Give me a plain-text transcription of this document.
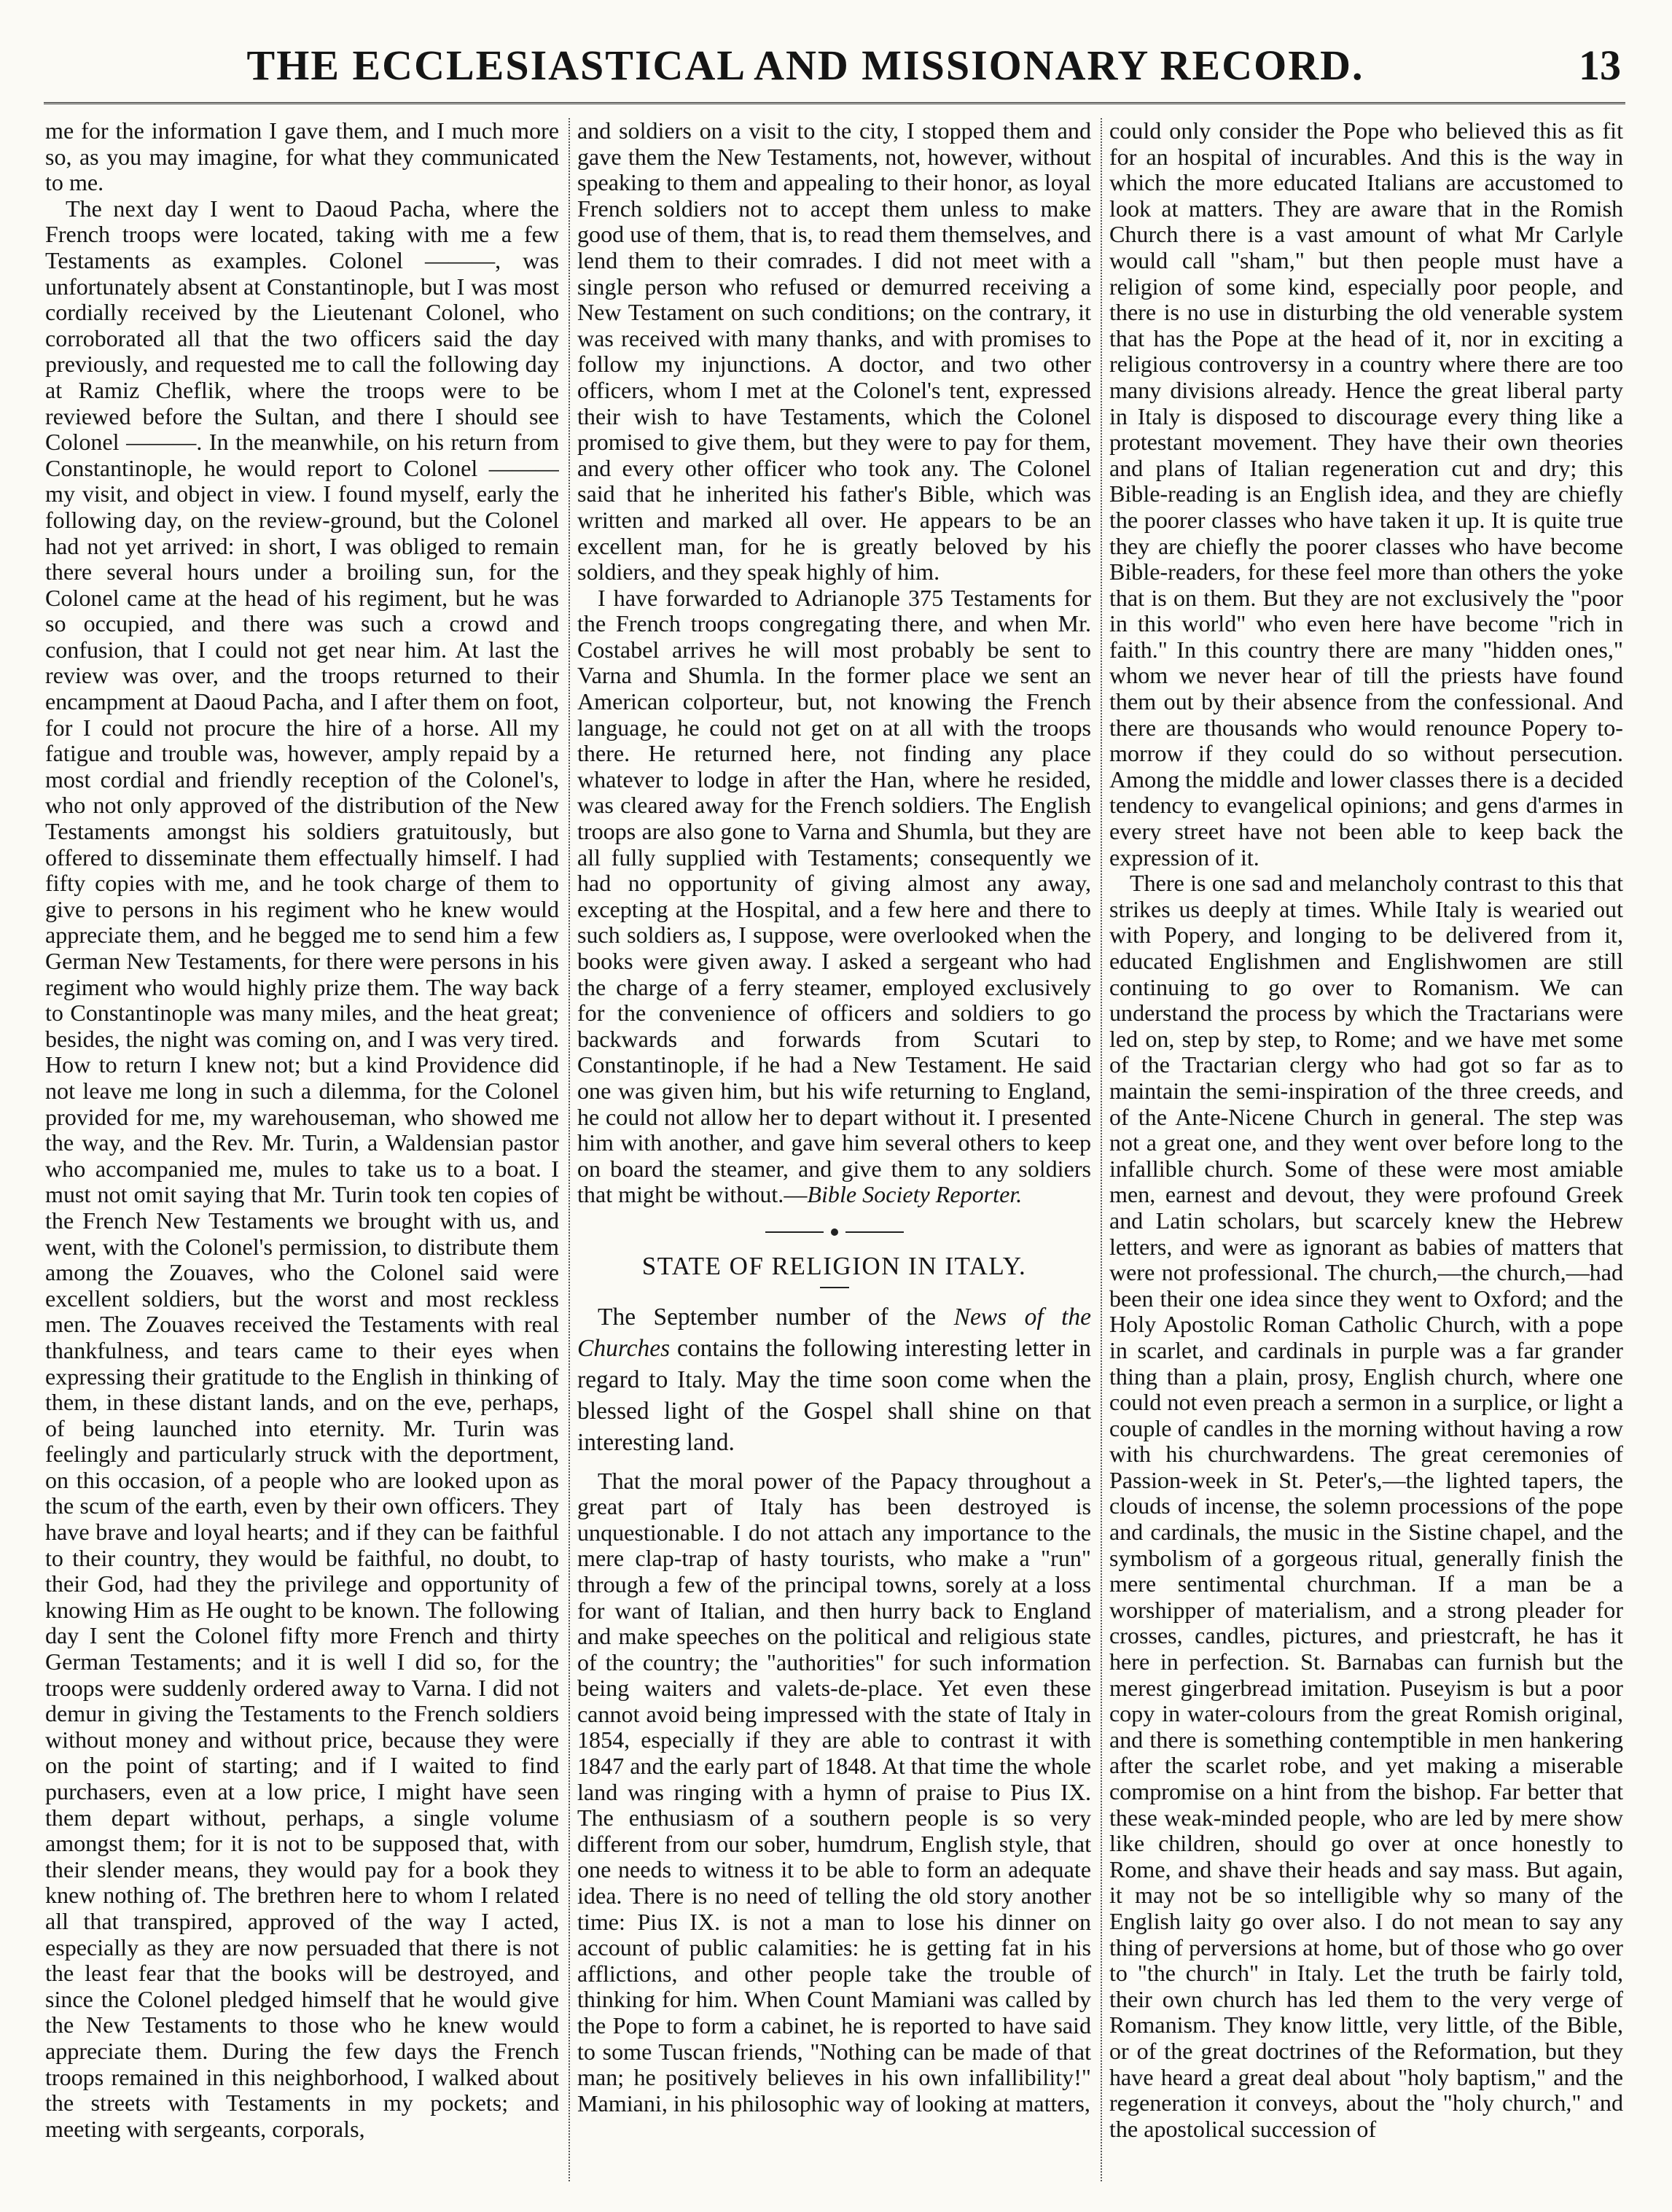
THE ECCLESIASTICAL AND MISSIONARY RECORD.	13

me for the information I gave them, and I much more so, as you may imagine, for what they communicated to me.

The next day I went to Daoud Pacha, where the French troops were located, taking with me a few Testaments as examples. Colonel ———, was unfortunately absent at Constantinople, but I was most cordially received by the Lieutenant Colonel, who corroborated all that the two officers said the day previously, and requested me to call the following day at Ramiz Cheflik, where the troops were to be reviewed before the Sultan, and there I should see Colonel ———. In the meanwhile, on his return from Constantinople, he would report to Colonel ——— my visit, and object in view. I found myself, early the following day, on the review-ground, but the Colonel had not yet arrived: in short, I was obliged to remain there several hours under a broiling sun, for the Colonel came at the head of his regiment, but he was so occupied, and there was such a crowd and confusion, that I could not get near him. At last the review was over, and the troops returned to their encampment at Daoud Pacha, and I after them on foot, for I could not procure the hire of a horse. All my fatigue and trouble was, however, amply repaid by a most cordial and friendly reception of the Colonel's, who not only approved of the distribution of the New Testaments amongst his soldiers gratuitously, but offered to disseminate them effectually himself. I had fifty copies with me, and he took charge of them to give to persons in his regiment who he knew would appreciate them, and he begged me to send him a few German New Testaments, for there were persons in his regiment who would highly prize them. The way back to Constantinople was many miles, and the heat great; besides, the night was coming on, and I was very tired. How to return I knew not; but a kind Providence did not leave me long in such a dilemma, for the Colonel provided for me, my warehouseman, who showed me the way, and the Rev. Mr. Turin, a Waldensian pastor who accompanied me, mules to take us to a boat. I must not omit saying that Mr. Turin took ten copies of the French New Testaments we brought with us, and went, with the Colonel's permission, to distribute them among the Zouaves, who the Colonel said were excellent soldiers, but the worst and most reckless men. The Zouaves received the Testaments with real thankfulness, and tears came to their eyes when expressing their gratitude to the English in thinking of them, in these distant lands, and on the eve, perhaps, of being launched into eternity. Mr. Turin was feelingly and particularly struck with the deportment, on this occasion, of a people who are looked upon as the scum of the earth, even by their own officers. They have brave and loyal hearts; and if they can be faithful to their country, they would be faithful, no doubt, to their God, had they the privilege and opportunity of knowing Him as He ought to be known. The following day I sent the Colonel fifty more French and thirty German Testaments; and it is well I did so, for the troops were suddenly ordered away to Varna. I did not demur in giving the Testaments to the French soldiers without money and without price, because they were on the point of starting; and if I waited to find purchasers, even at a low price, I might have seen them depart without, perhaps, a single volume amongst them; for it is not to be supposed that, with their slender means, they would pay for a book they knew nothing of. The brethren here to whom I related all that transpired, approved of the way I acted, especially as they are now persuaded that there is not the least fear that the books will be destroyed, and since the Colonel pledged himself that he would give the New Testaments to those who he knew would appreciate them. During the few days the French troops remained in this neighborhood, I walked about the streets with Testaments in my pockets; and meeting with sergeants, corporals,

and soldiers on a visit to the city, I stopped them and gave them the New Testaments, not, however, without speaking to them and appealing to their honor, as loyal French soldiers not to accept them unless to make good use of them, that is, to read them themselves, and lend them to their comrades. I did not meet with a single person who refused or demurred receiving a New Testament on such conditions; on the contrary, it was received with many thanks, and with promises to follow my injunctions. A doctor, and two other officers, whom I met at the Colonel's tent, expressed their wish to have Testaments, which the Colonel promised to give them, but they were to pay for them, and every other officer who took any. The Colonel said that he inherited his father's Bible, which was written and marked all over. He appears to be an excellent man, for he is greatly beloved by his soldiers, and they speak highly of him.

I have forwarded to Adrianople 375 Testaments for the French troops congregating there, and when Mr. Costabel arrives he will most probably be sent to Varna and Shumla. In the former place we sent an American colporteur, but, not knowing the French language, he could not get on at all with the troops there. He returned here, not finding any place whatever to lodge in after the Han, where he resided, was cleared away for the French soldiers. The English troops are also gone to Varna and Shumla, but they are all fully supplied with Testaments; consequently we had no opportunity of giving almost any away, excepting at the Hospital, and a few here and there to such soldiers as, I suppose, were overlooked when the books were given away. I asked a sergeant who had the charge of a ferry steamer, employed exclusively for the convenience of officers and soldiers to go backwards and forwards from Scutari to Constantinople, if he had a New Testament. He said one was given him, but his wife returning to England, he could not allow her to depart without it. I presented him with another, and gave him several others to keep on board the steamer, and give them to any soldiers that might be without.—Bible Society Reporter.

STATE OF RELIGION IN ITALY.

The September number of the News of the Churches contains the following interesting letter in regard to Italy. May the time soon come when the blessed light of the Gospel shall shine on that interesting land.

That the moral power of the Papacy throughout a great part of Italy has been destroyed is unquestionable. I do not attach any importance to the mere clap-trap of hasty tourists, who make a "run" through a few of the principal towns, sorely at a loss for want of Italian, and then hurry back to England and make speeches on the political and religious state of the country; the "authorities" for such information being waiters and valets-de-place. Yet even these cannot avoid being impressed with the state of Italy in 1854, especially if they are able to contrast it with 1847 and the early part of 1848. At that time the whole land was ringing with a hymn of praise to Pius IX. The enthusiasm of a southern people is so very different from our sober, humdrum, English style, that one needs to witness it to be able to form an adequate idea. There is no need of telling the old story another time: Pius IX. is not a man to lose his dinner on account of public calamities: he is getting fat in his afflictions, and other people take the trouble of thinking for him. When Count Mamiani was called by the Pope to form a cabinet, he is reported to have said to some Tuscan friends, "Nothing can be made of that man; he positively believes in his own infallibility!" Mamiani, in his philosophic way of looking at matters,

could only consider the Pope who believed this as fit for an hospital of incurables. And this is the way in which the more educated Italians are accustomed to look at matters. They are aware that in the Romish Church there is a vast amount of what Mr Carlyle would call "sham," but then people must have a religion of some kind, especially poor people, and there is no use in disturbing the old venerable system that has the Pope at the head of it, nor in exciting a religious controversy in a country where there are too many divisions already. Hence the great liberal party in Italy is disposed to discourage every thing like a protestant movement. They have their own theories and plans of Italian regeneration cut and dry; this Bible-reading is an English idea, and they are chiefly the poorer classes who have taken it up. It is quite true they are chiefly the poorer classes who have become Bible-readers, for these feel more than others the yoke that is on them. But they are not exclusively the "poor in this world" who even here have become "rich in faith." In this country there are many "hidden ones," whom we never hear of till the priests have found them out by their absence from the confessional. And there are thousands who would renounce Popery to-morrow if they could do so without persecution. Among the middle and lower classes there is a decided tendency to evangelical opinions; and gens d'armes in every street have not been able to keep back the expression of it.

There is one sad and melancholy contrast to this that strikes us deeply at times. While Italy is wearied out with Popery, and longing to be delivered from it, educated Englishmen and Englishwomen are still continuing to go over to Romanism. We can understand the process by which the Tractarians were led on, step by step, to Rome; and we have met some of the Tractarian clergy who had got so far as to maintain the semi-inspiration of the three creeds, and of the Ante-Nicene Church in general. The step was not a great one, and they went over before long to the infallible church. Some of these were most amiable men, earnest and devout, they were profound Greek and Latin scholars, but scarcely knew the Hebrew letters, and were as ignorant as babies of matters that were not professional. The church,—the church,—had been their one idea since they went to Oxford; and the Holy Apostolic Roman Catholic Church, with a pope in scarlet, and cardinals in purple was a far grander thing than a plain, prosy, English church, where one could not even preach a sermon in a surplice, or light a couple of candles in the morning without having a row with his churchwardens. The great ceremonies of Passion-week in St. Peter's,—the lighted tapers, the clouds of incense, the solemn processions of the pope and cardinals, the music in the Sistine chapel, and the symbolism of a gorgeous ritual, generally finish the mere sentimental churchman. If a man be a worshipper of materialism, and a strong pleader for crosses, candles, pictures, and priestcraft, he has it here in perfection. St. Barnabas can furnish but the merest gingerbread imitation. Puseyism is but a poor copy in water-colours from the great Romish original, and there is something contemptible in men hankering after the scarlet robe, and yet making a miserable compromise on a hint from the bishop. Far better that these weak-minded people, who are led by mere show like children, should go over at once honestly to Rome, and shave their heads and say mass. But again, it may not be so intelligible why so many of the English laity go over also. I do not mean to say any thing of perversions at home, but of those who go over to "the church" in Italy. Let the truth be fairly told, their own church has led them to the very verge of Romanism. They know little, very little, of the Bible, or of the great doctrines of the Reformation, but they have heard a great deal about "holy baptism," and the regeneration it conveys, about the "holy church," and the apostolical succession of
